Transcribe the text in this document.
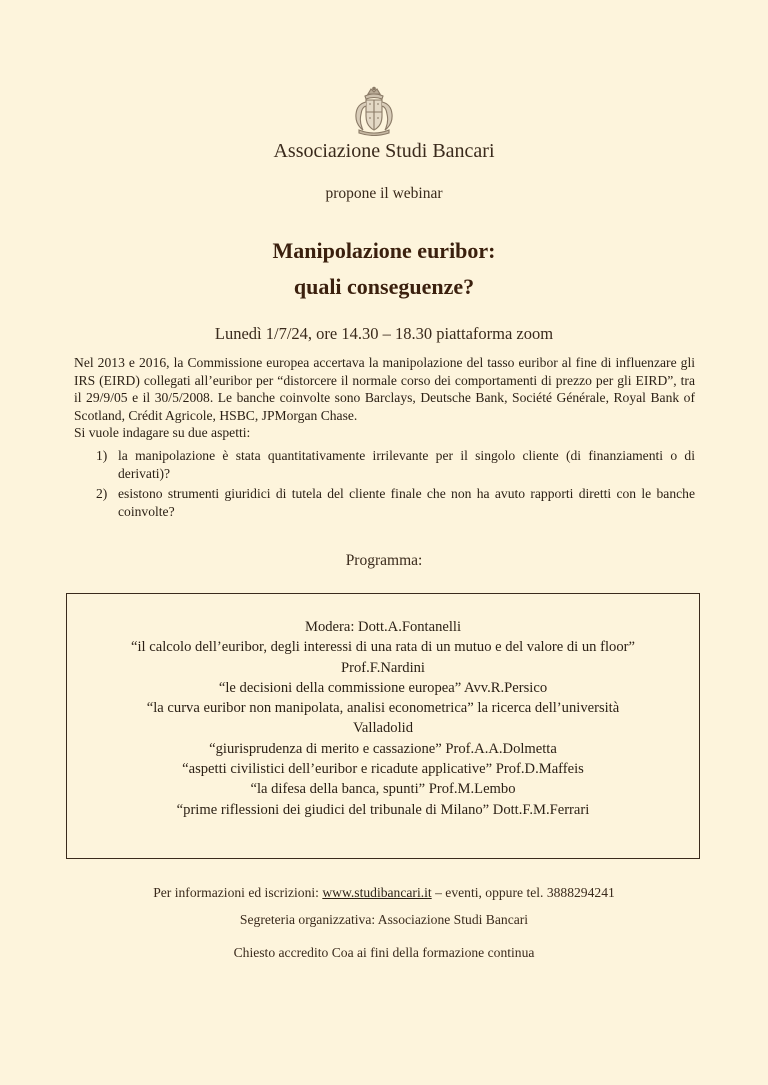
Associazione Studi Bancari
propone il webinar
Manipolazione euribor:
quali conseguenze?
Lunedì 1/7/24, ore 14.30 – 18.30 piattaforma zoom

Nel 2013 e 2016, la Commissione europea accertava la manipolazione del tasso euribor al fine di influenzare gli IRS (EIRD) collegati all’euribor per “distorcere il normale corso dei comportamenti di prezzo per gli EIRD”, tra il 29/9/05 e il 30/5/2008. Le banche coinvolte sono Barclays, Deutsche Bank, Société Générale, Royal Bank of Scotland, Crédit Agricole, HSBC, JPMorgan Chase.

Si vuole indagare su due aspetti:

1) la manipolazione è stata quantitativamente irrilevante per il singolo cliente (di finanziamenti o di derivati)?
2) esistono strumenti giuridici di tutela del cliente finale che non ha avuto rapporti diretti con le banche coinvolte?
Programma:
Modera: Dott.A.Fontanelli
“il calcolo dell’euribor, degli interessi di una rata di un mutuo e del valore di un floor”
Prof.F.Nardini
“le decisioni della commissione europea” Avv.R.Persico
“la curva euribor non manipolata, analisi econometrica” la ricerca dell’università
Valladolid
“giurisprudenza di merito e cassazione” Prof.A.A.Dolmetta
“aspetti civilistici dell’euribor e ricadute applicative” Prof.D.Maffeis
“la difesa della banca, spunti” Prof.M.Lembo
“prime riflessioni dei giudici del tribunale di Milano” Dott.F.M.Ferrari
Per informazioni ed iscrizioni: www.studibancari.it – eventi, oppure tel. 3888294241
Segreteria organizzativa: Associazione Studi Bancari
Chiesto accredito Coa ai fini della formazione continua
